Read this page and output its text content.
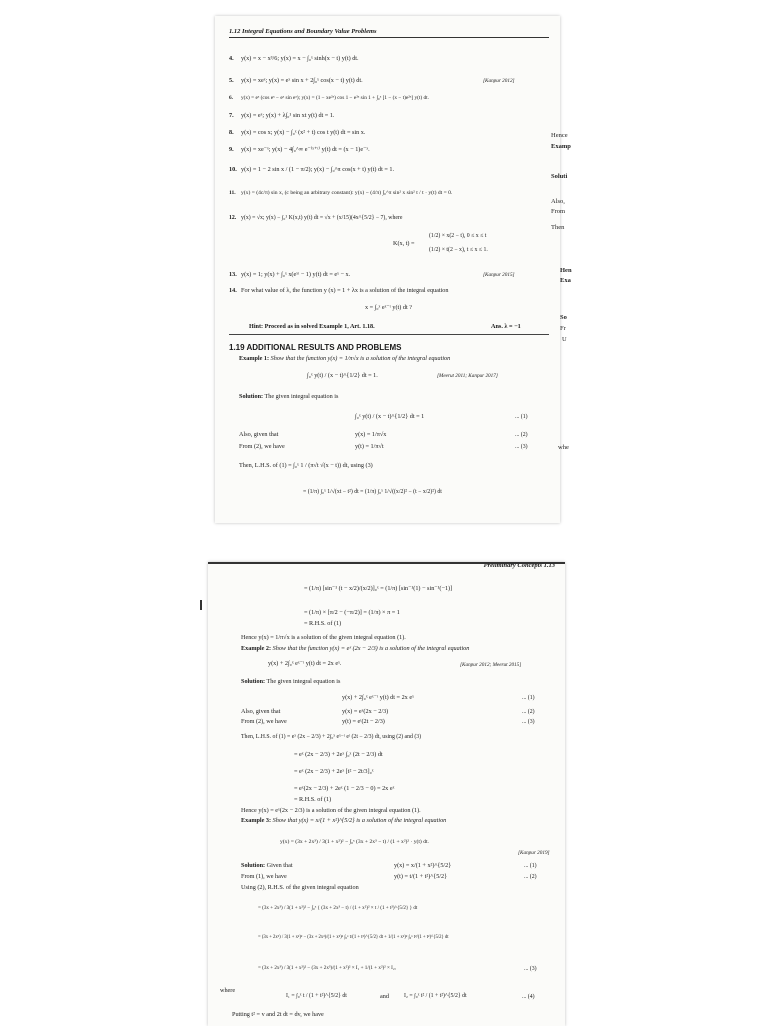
1.12 Integral Equations and Boundary Value Problems
4. y(x) = x − x³/6; y(x) = x − ∫₀ˣ sinh(x − t) y(t) dt.
5. y(x) = xeˣ; y(x) = eˣ sin x + 2∫₀ˣ cos(x − t) y(t) dt.	[Kanpur 2012]
6. y(x) = eˣ (cos eˣ − eˣ sin eˣ); y(x) = (1 − xe²ˣ) cos 1 − e²ˣ sin 1 + ∫₀ˣ [1 − (x − t)e²ˣ] y(t) dt.
7. y(x) = eˣ; y(x) + λ∫₀¹ sin xt y(t) dt = 1.
8. y(x) = cos x; y(x) − ∫₀ˣ (x² + t) cos t y(t) dt = sin x.
9. y(x) = xe⁻ˣ; y(x) − 4∫₀^∞ e⁻⁽ˣ⁺ᵗ⁾ y(t) dt = (x − 1)e⁻ˣ.
10. y(x) = 1 − 2 sin x / (1 − π/2); y(x) − ∫₀^π cos(x + t) y(t) dt = 1.
11. y(x) = (4c/π) sin x, (c being an arbitrary constant): y(x) − (4/π) ∫₀^π sin² x sin² t / t · y(t) dt = 0.
12. y(x) = √x; y(x) − ∫₀¹ K(x,t) y(t) dt = √x + (x/15)(4x^{5/2} − 7), where
K(x, t) =
(1/2) × x(2 − t), 0 ≤ x ≤ t
(1/2) × t(2 − x), t ≤ x ≤ 1.
13. y(x) = 1; y(x) + ∫₀ˣ x(eˣᵗ − 1) y(t) dt = eˣ − x.	[Kanpur 2015]
14. For what value of λ, the function y (x) = 1 + λx is a solution of the integral equation
x = ∫₀ˣ eˣ⁻ᵗ y(t) dt ?
Hint: Proceed as in solved Example 1, Art. 1.18.	Ans. λ = −1
1.19 ADDITIONAL RESULTS AND PROBLEMS
Example 1: Show that the function y(x) = 1/π√x is a solution of the integral equation
∫₀ˣ y(t) / (x − t)^{1/2} dt = 1.	[Meerut 2011; Kanpur 2017]
Solution: The given integral equation is
∫₀ˣ y(t) / (x − t)^{1/2} dt = 1	... (1)
Also, given that	y(x) = 1/π√x	... (2)
From (2), we have	y(t) = 1/π√t	... (3)
Then, L.H.S. of (1) = ∫₀ˣ 1 / (π√t √(x − t)) dt, using (3)
= (1/π) ∫₀ˣ 1/√(xt − t²) dt = (1/π) ∫₀ˣ 1/√((x/2)² − (t − x/2)²) dt
Hence
Examp
Soluti
Also,
From
Then
Hen
Exa
So
Fr
U
whe
Preliminary Concepts 1.13
= (1/π) [sin⁻¹ (t − x/2)/(x/2)]₀ˣ = (1/π) [sin⁻¹(1) − sin⁻¹(−1)]
= (1/π) × [π/2 − (−π/2)] = (1/π) × π = 1
= R.H.S. of (1)
Hence y(x) = 1/π√x is a solution of the given integral equation (1).
Example 2: Show that the function y(x) = eˣ (2x − 2/3) is a solution of the integral equation
y(x) + 2∫₀ˣ eˣ⁻ᵗ y(t) dt = 2x eˣ.	[Kanpur 2012; Meerut 2015]
Solution: The given integral equation is
y(x) + 2∫₀ˣ eˣ⁻ᵗ y(t) dt = 2x eˣ	... (1)
Also, given that	y(x) = eˣ(2x − 2/3)	... (2)
From (2), we have	y(t) = eᵗ(2t − 2/3)	... (3)
Then, L.H.S. of (1) = eˣ (2x − 2/3) + 2∫₀ˣ eˣ⁻ᵗ eᵗ (2t − 2/3) dt, using (2) and (3)
= eˣ (2x − 2/3) + 2eˣ ∫₀ˣ (2t − 2/3) dt
= eˣ (2x − 2/3) + 2eˣ [t² − 2t/3]₀ˣ
= eˣ(2x − 2/3) + 2eˣ (1 − 2/3 − 0) = 2x eˣ
= R.H.S. of (1)
Hence y(x) = eˣ(2x − 2/3) is a solution of the given integral equation (1).
Example 3: Show that y(x) = x/(1 + x²)^{5/2} is a solution of the integral equation
y(x) = (3x + 2x³) / 3(1 + x²)² − ∫₀ˣ (3x + 2x³ − t) / (1 + x²)² · y(t) dt.
[Kanpur 2019]
Solution: Given that	y(x) = x/(1 + x²)^{5/2}	... (1)
From (1), we have	y(t) = t/(1 + t²)^{5/2}	... (2)
Using (2), R.H.S. of the given integral equation
= (3x + 2x³) / 3(1 + x²)² − ∫₀ˣ { (3x + 2x³ − t) / (1 + x²)² × t / (1 + t²)^{5/2} } dt
= (3x + 2x³) / 3(1 + x²)² − (3x + 2x³)/(1 + x²)² ∫₀ˣ t/(1 + t²)^{5/2} dt + 1/(1 + x²)² ∫₀ˣ t²/(1 + t²)^{5/2} dt
= (3x + 2x³) / 3(1 + x²)² − (3x + 2x³)/(1 + x²)² × I₁ + 1/(1 + x²)² × I₂,	... (3)
where
I₁ = ∫₀ˣ t / (1 + t²)^{5/2} dt	and	I₂ = ∫₀ˣ t² / (1 + t²)^{5/2} dt	... (4)
Putting t² = v and 2t dt = dv, we have
